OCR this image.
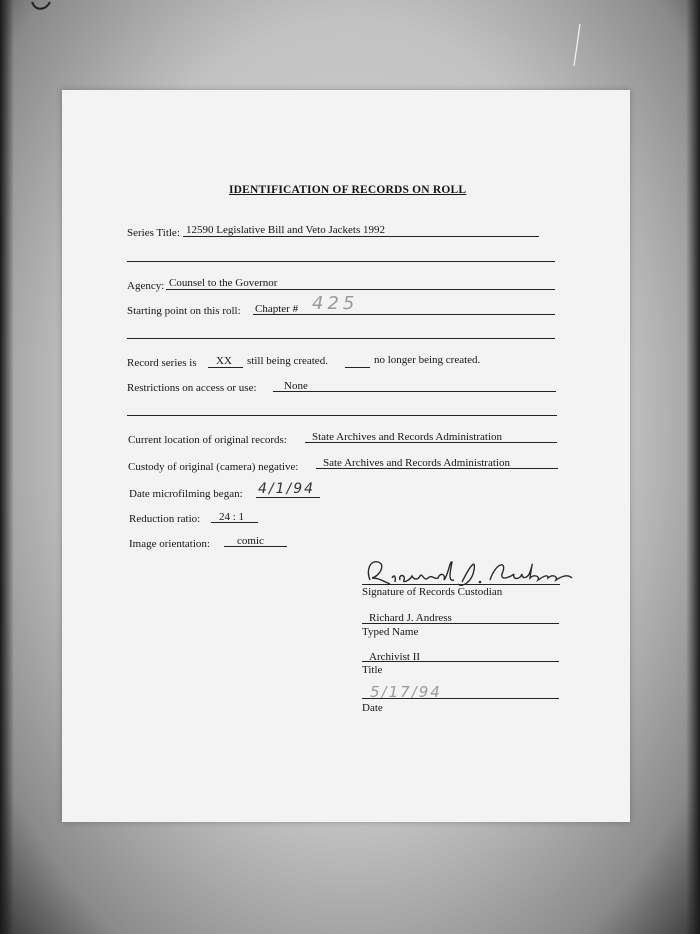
IDENTIFICATION OF RECORDS ON ROLL
Series Title: 12590 Legislative Bill and Veto Jackets 1992
Agency: Counsel to the Governor
Starting point on this roll: Chapter # 425
Record series is XX still being created.	no longer being created.
Restrictions on access or use: None
Current location of original records: State Archives and Records Administration
Custody of original (camera) negative: Sate Archives and Records Administration
Date microfilming began: 4/1/94
Reduction ratio: 24 : 1
Image orientation: comic
Signature of Records Custodian
Richard J. Andress
Typed Name
Archivist II
Title
5/17/94
Date
